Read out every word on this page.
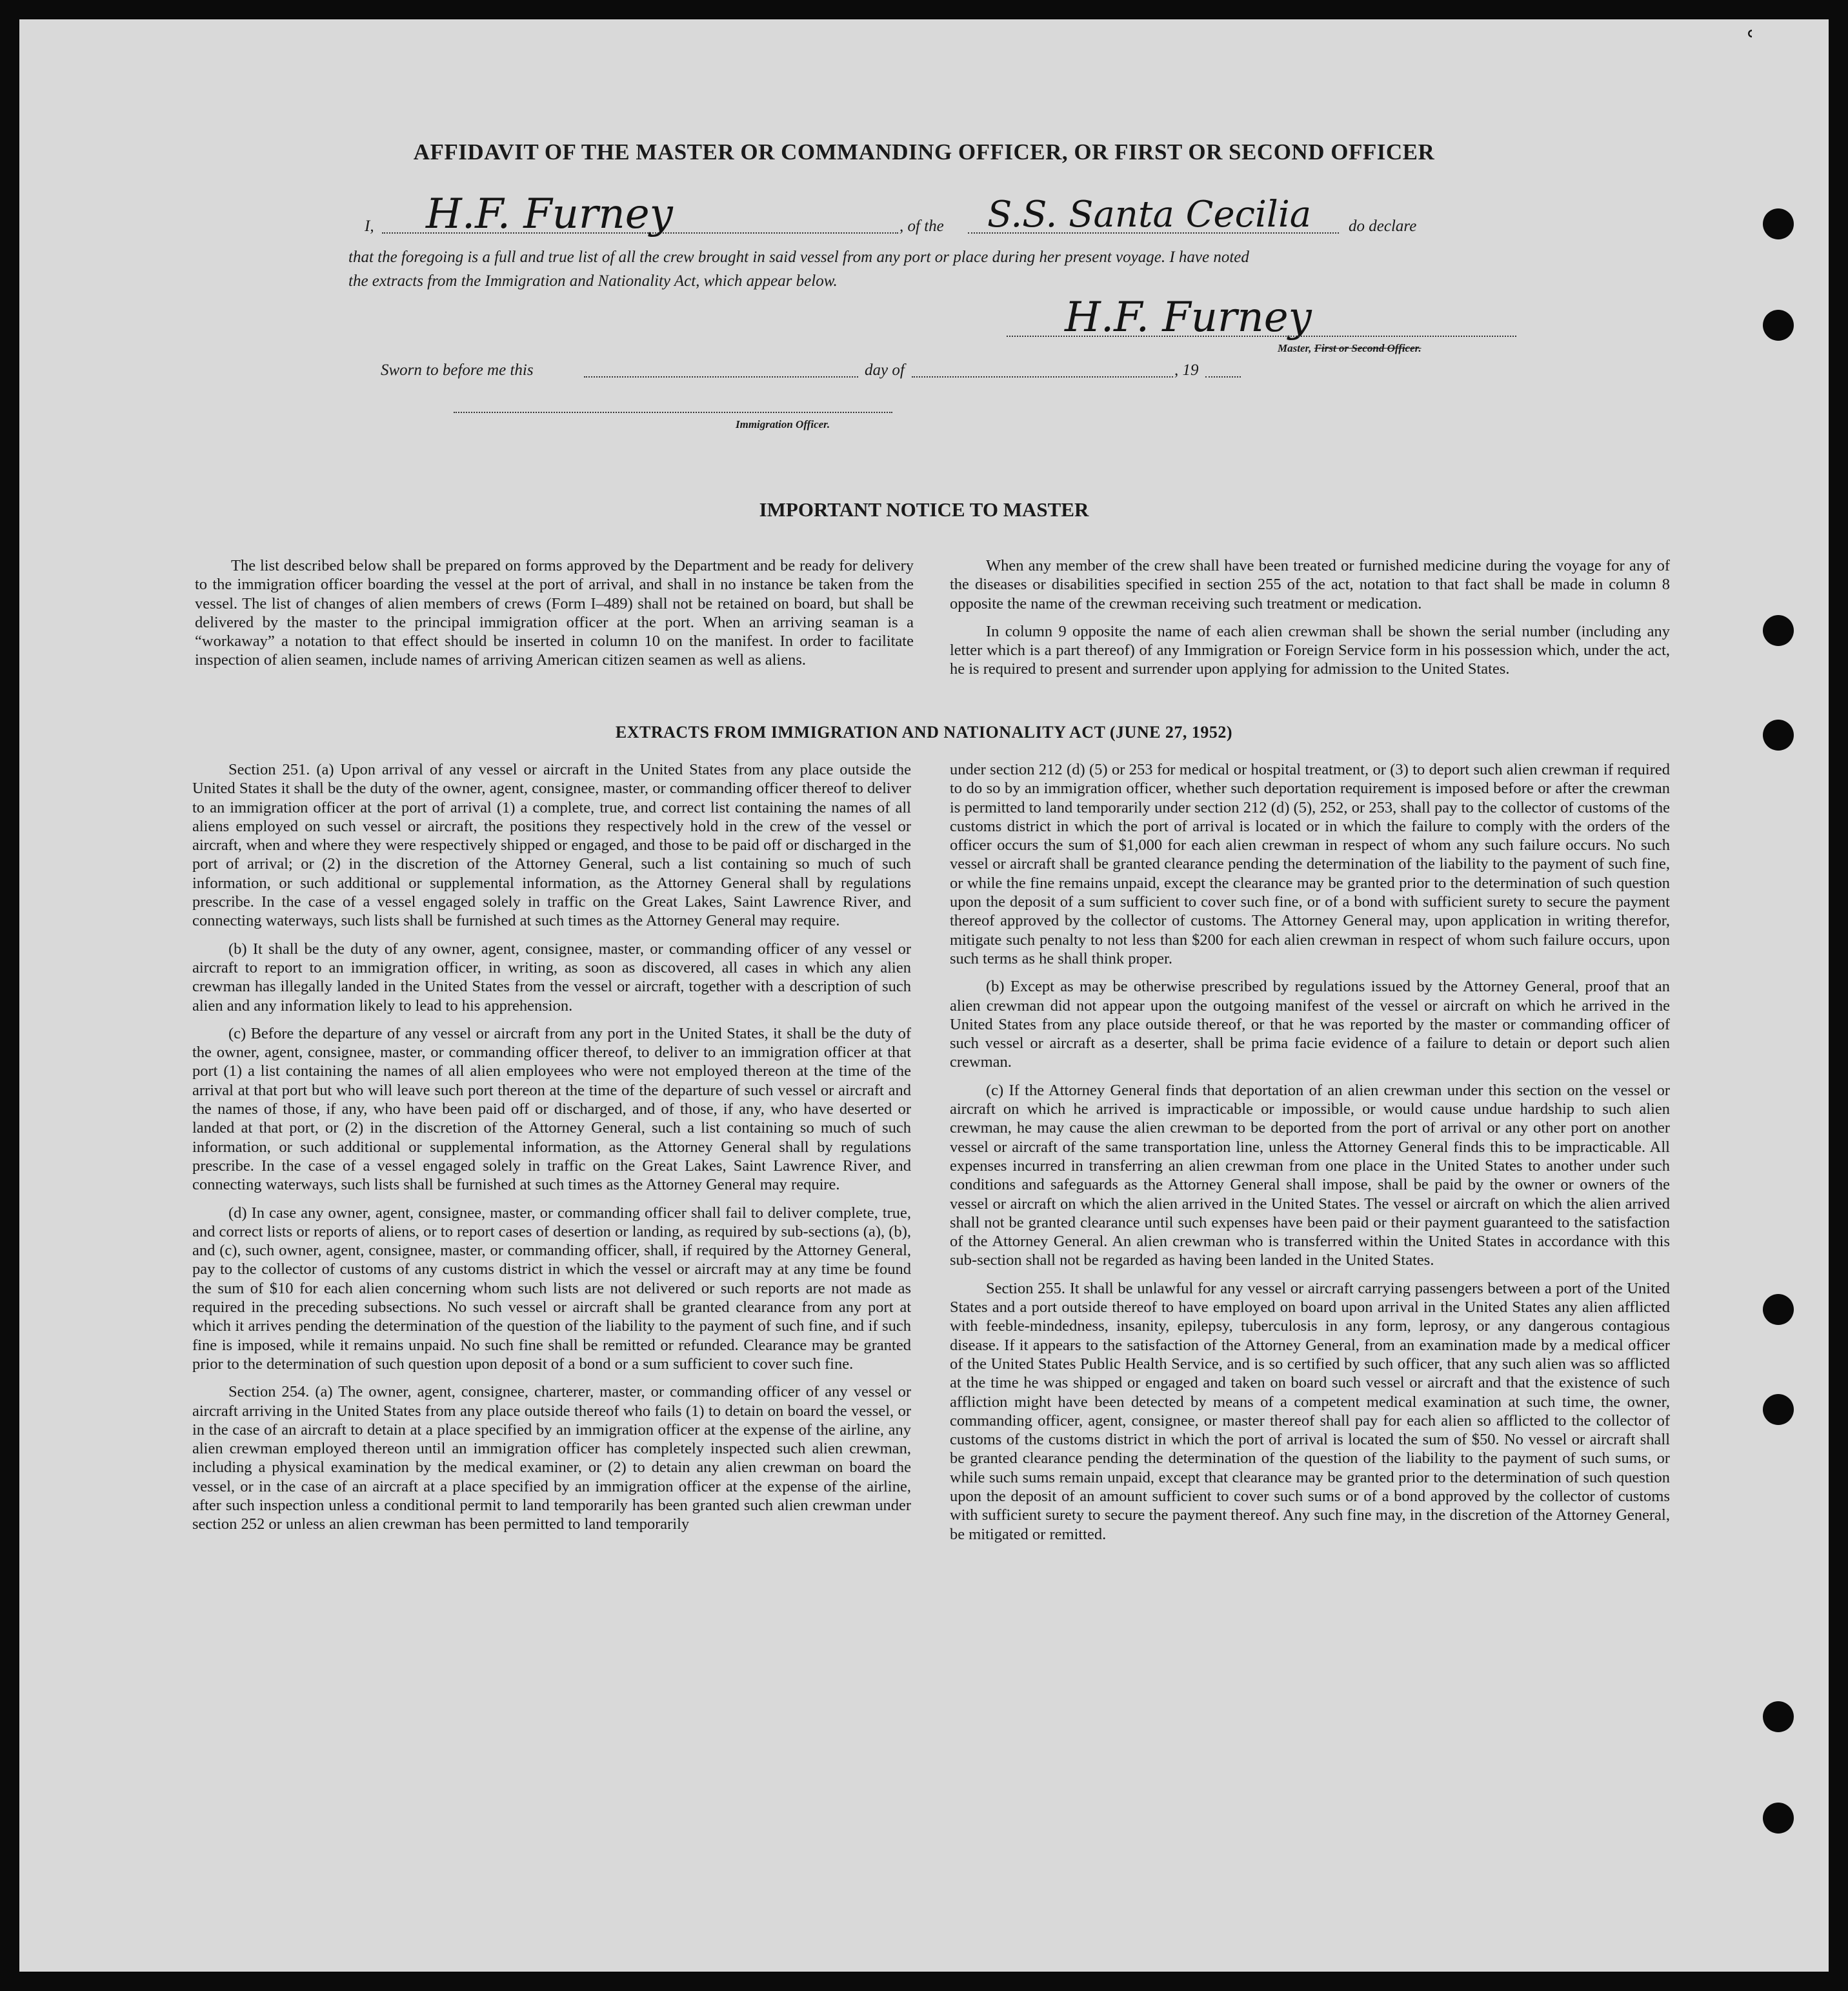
ʿ
AFFIDAVIT OF THE MASTER OR COMMANDING OFFICER, OR FIRST OR SECOND OFFICER
I, H.F. Furney	, of the S.S. Santa Cecilia do declare
that the foregoing is a full and true list of all the crew brought in said vessel from any port or place during her present voyage. I have noted
the extracts from the Immigration and Nationality Act, which appear below.
H.F. Furney
Master, First or Second Officer.
Sworn to before me this	day of	, 19
Immigration Officer.
IMPORTANT NOTICE TO MASTER

The list described below shall be prepared on forms approved by the Department and be ready for delivery to the immigration officer boarding the vessel at the port of arrival, and shall in no instance be taken from the vessel. The list of changes of alien members of crews (Form I–489) shall not be retained on board, but shall be delivered by the master to the principal immigration officer at the port. When an arriving seaman is a “workaway” a notation to that effect should be inserted in column 10 on the manifest. In order to facilitate inspection of alien seamen, include names of arriving American citizen seamen as well as aliens.

When any member of the crew shall have been treated or furnished medicine during the voyage for any of the diseases or disabilities specified in section 255 of the act, notation to that fact shall be made in column 8 opposite the name of the crewman receiving such treatment or medication.

In column 9 opposite the name of each alien crewman shall be shown the serial number (including any letter which is a part thereof) of any Immigration or Foreign Service form in his possession which, under the act, he is required to present and surrender upon applying for admission to the United States.

EXTRACTS FROM IMMIGRATION AND NATIONALITY ACT (JUNE 27, 1952)

Section 251. (a) Upon arrival of any vessel or aircraft in the United States from any place outside the United States it shall be the duty of the owner, agent, consignee, master, or commanding officer thereof to deliver to an immigration officer at the port of arrival (1) a complete, true, and correct list containing the names of all aliens employed on such vessel or aircraft, the positions they respectively hold in the crew of the vessel or aircraft, when and where they were respectively shipped or engaged, and those to be paid off or discharged in the port of arrival; or (2) in the discretion of the Attorney General, such a list containing so much of such information, or such additional or supplemental information, as the Attorney General shall by regulations prescribe. In the case of a vessel engaged solely in traffic on the Great Lakes, Saint Lawrence River, and connecting waterways, such lists shall be furnished at such times as the Attorney General may require.

(b) It shall be the duty of any owner, agent, consignee, master, or commanding officer of any vessel or aircraft to report to an immigration officer, in writing, as soon as discovered, all cases in which any alien crewman has illegally landed in the United States from the vessel or aircraft, together with a description of such alien and any information likely to lead to his apprehension.

(c) Before the departure of any vessel or aircraft from any port in the United States, it shall be the duty of the owner, agent, consignee, master, or commanding officer thereof, to deliver to an immigration officer at that port (1) a list containing the names of all alien employees who were not employed thereon at the time of the arrival at that port but who will leave such port thereon at the time of the departure of such vessel or aircraft and the names of those, if any, who have been paid off or discharged, and of those, if any, who have deserted or landed at that port, or (2) in the discretion of the Attorney General, such a list containing so much of such information, or such additional or supplemental information, as the Attorney General shall by regulations prescribe. In the case of a vessel engaged solely in traffic on the Great Lakes, Saint Lawrence River, and connecting waterways, such lists shall be furnished at such times as the Attorney General may require.

(d) In case any owner, agent, consignee, master, or commanding officer shall fail to deliver complete, true, and correct lists or reports of aliens, or to report cases of desertion or landing, as required by sub-sections (a), (b), and (c), such owner, agent, consignee, master, or commanding officer, shall, if required by the Attorney General, pay to the collector of customs of any customs district in which the vessel or aircraft may at any time be found the sum of $10 for each alien concerning whom such lists are not delivered or such reports are not made as required in the preceding subsections. No such vessel or aircraft shall be granted clearance from any port at which it arrives pending the determination of the question of the liability to the payment of such fine, and if such fine is imposed, while it remains unpaid. No such fine shall be remitted or refunded. Clearance may be granted prior to the determination of such question upon deposit of a bond or a sum sufficient to cover such fine.

Section 254. (a) The owner, agent, consignee, charterer, master, or commanding officer of any vessel or aircraft arriving in the United States from any place outside thereof who fails (1) to detain on board the vessel, or in the case of an aircraft to detain at a place specified by an immigration officer at the expense of the airline, any alien crewman employed thereon until an immigration officer has completely inspected such alien crewman, including a physical examination by the medical examiner, or (2) to detain any alien crewman on board the vessel, or in the case of an aircraft at a place specified by an immigration officer at the expense of the airline, after such inspection unless a conditional permit to land temporarily has been granted such alien crewman under section 252 or unless an alien crewman has been permitted to land temporarily

under section 212 (d) (5) or 253 for medical or hospital treatment, or (3) to deport such alien crewman if required to do so by an immigration officer, whether such deportation requirement is imposed before or after the crewman is permitted to land temporarily under section 212 (d) (5), 252, or 253, shall pay to the collector of customs of the customs district in which the port of arrival is located or in which the failure to comply with the orders of the officer occurs the sum of $1,000 for each alien crewman in respect of whom any such failure occurs. No such vessel or aircraft shall be granted clearance pending the determination of the liability to the payment of such fine, or while the fine remains unpaid, except the clearance may be granted prior to the determination of such question upon the deposit of a sum sufficient to cover such fine, or of a bond with sufficient surety to secure the payment thereof approved by the collector of customs. The Attorney General may, upon application in writing therefor, mitigate such penalty to not less than $200 for each alien crewman in respect of whom such failure occurs, upon such terms as he shall think proper.

(b) Except as may be otherwise prescribed by regulations issued by the Attorney General, proof that an alien crewman did not appear upon the outgoing manifest of the vessel or aircraft on which he arrived in the United States from any place outside thereof, or that he was reported by the master or commanding officer of such vessel or aircraft as a deserter, shall be prima facie evidence of a failure to detain or deport such alien crewman.

(c) If the Attorney General finds that deportation of an alien crewman under this section on the vessel or aircraft on which he arrived is impracticable or impossible, or would cause undue hardship to such alien crewman, he may cause the alien crewman to be deported from the port of arrival or any other port on another vessel or aircraft of the same transportation line, unless the Attorney General finds this to be impracticable. All expenses incurred in transferring an alien crewman from one place in the United States to another under such conditions and safeguards as the Attorney General shall impose, shall be paid by the owner or owners of the vessel or aircraft on which the alien arrived in the United States. The vessel or aircraft on which the alien arrived shall not be granted clearance until such expenses have been paid or their payment guaranteed to the satisfaction of the Attorney General. An alien crewman who is transferred within the United States in accordance with this sub-section shall not be regarded as having been landed in the United States.

Section 255. It shall be unlawful for any vessel or aircraft carrying passengers between a port of the United States and a port outside thereof to have employed on board upon arrival in the United States any alien afflicted with feeble-mindedness, insanity, epilepsy, tuberculosis in any form, leprosy, or any dangerous contagious disease. If it appears to the satisfaction of the Attorney General, from an examination made by a medical officer of the United States Public Health Service, and is so certified by such officer, that any such alien was so afflicted at the time he was shipped or engaged and taken on board such vessel or aircraft and that the existence of such affliction might have been detected by means of a competent medical examination at such time, the owner, commanding officer, agent, consignee, or master thereof shall pay for each alien so afflicted to the collector of customs of the customs district in which the port of arrival is located the sum of $50. No vessel or aircraft shall be granted clearance pending the determination of the question of the liability to the payment of such sums, or while such sums remain unpaid, except that clearance may be granted prior to the determination of such question upon the deposit of an amount sufficient to cover such sums or of a bond approved by the collector of customs with sufficient surety to secure the payment thereof. Any such fine may, in the discretion of the Attorney General, be mitigated or remitted.
